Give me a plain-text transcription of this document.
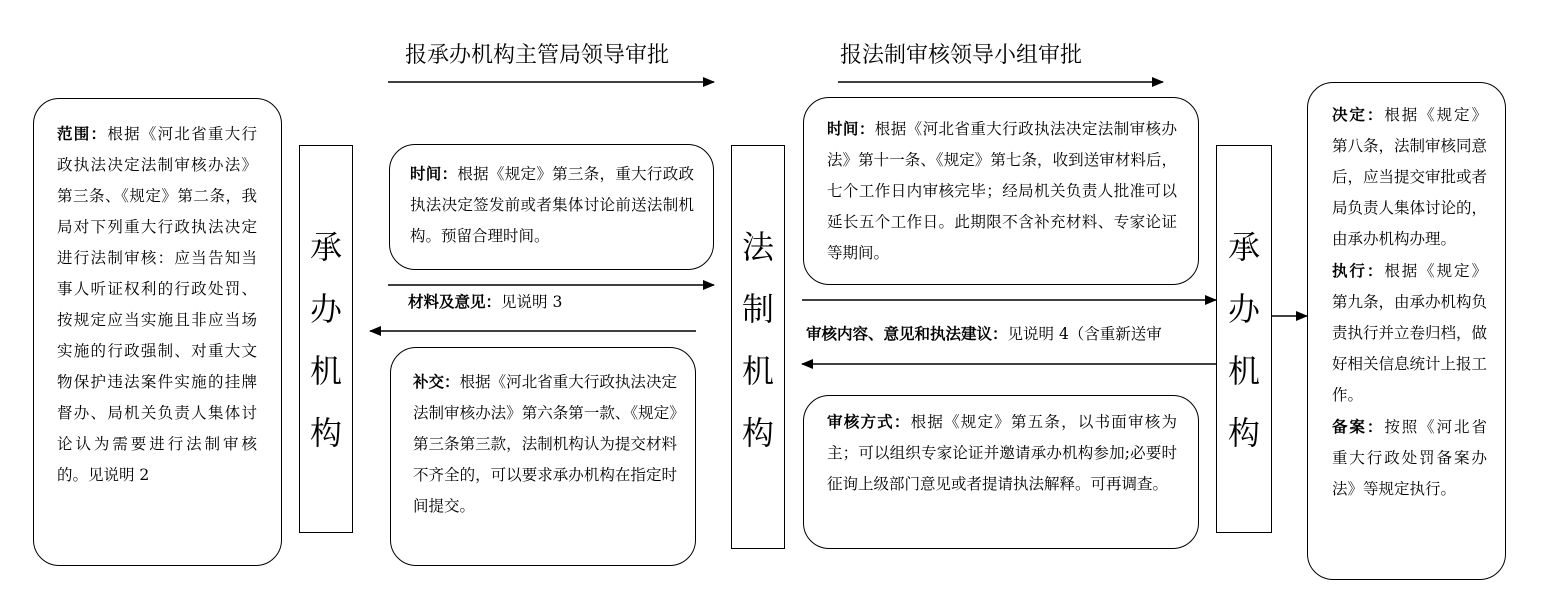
报承办机构主管局领导审批	报法制审核领导小组审批
范围：根据《河北省重大行政执法决定法制审核办法》第三条、《规定》第二条，我局对下列重大行政执法决定进行法制审核：应当告知当事人听证权利的行政处罚、按规定应当实施且非应当场实施的行政强制、对重大文物保护违法案件实施的挂牌督办、局机关负责人集体讨论认为需要进行法制审核的。见说明 2
承
办
机
构
时间：根据《规定》第三条，重大行政政执法决定签发前或者集体讨论前送法制机构。预留合理时间。
材料及意见：见说明 3
补交：根据《河北省重大行政执法决定法制审核办法》第六条第一款、《规定》第三条第三款，法制机构认为提交材料不齐全的，可以要求承办机构在指定时间提交。
法
制
机
构
时间：根据《河北省重大行政执法决定法制审核办法》第十一条、《规定》第七条，收到送审材料后，七个工作日内审核完毕；经局机关负责人批准可以延长五个工作日。此期限不含补充材料、专家论证等期间。
审核内容、意见和执法建议：见说明 4（含重新送审
审核方式：根据《规定》第五条，以书面审核为主；可以组织专家论证并邀请承办机构参加;必要时征询上级部门意见或者提请执法解释。可再调查。
承
办
机
构
决定：根据《规定》第八条，法制审核同意后，应当提交审批或者局负责人集体讨论的，由承办机构办理。
执行：根据《规定》第九条，由承办机构负责执行并立卷归档，做好相关信息统计上报工作。
备案：按照《河北省重大行政处罚备案办法》等规定执行。
